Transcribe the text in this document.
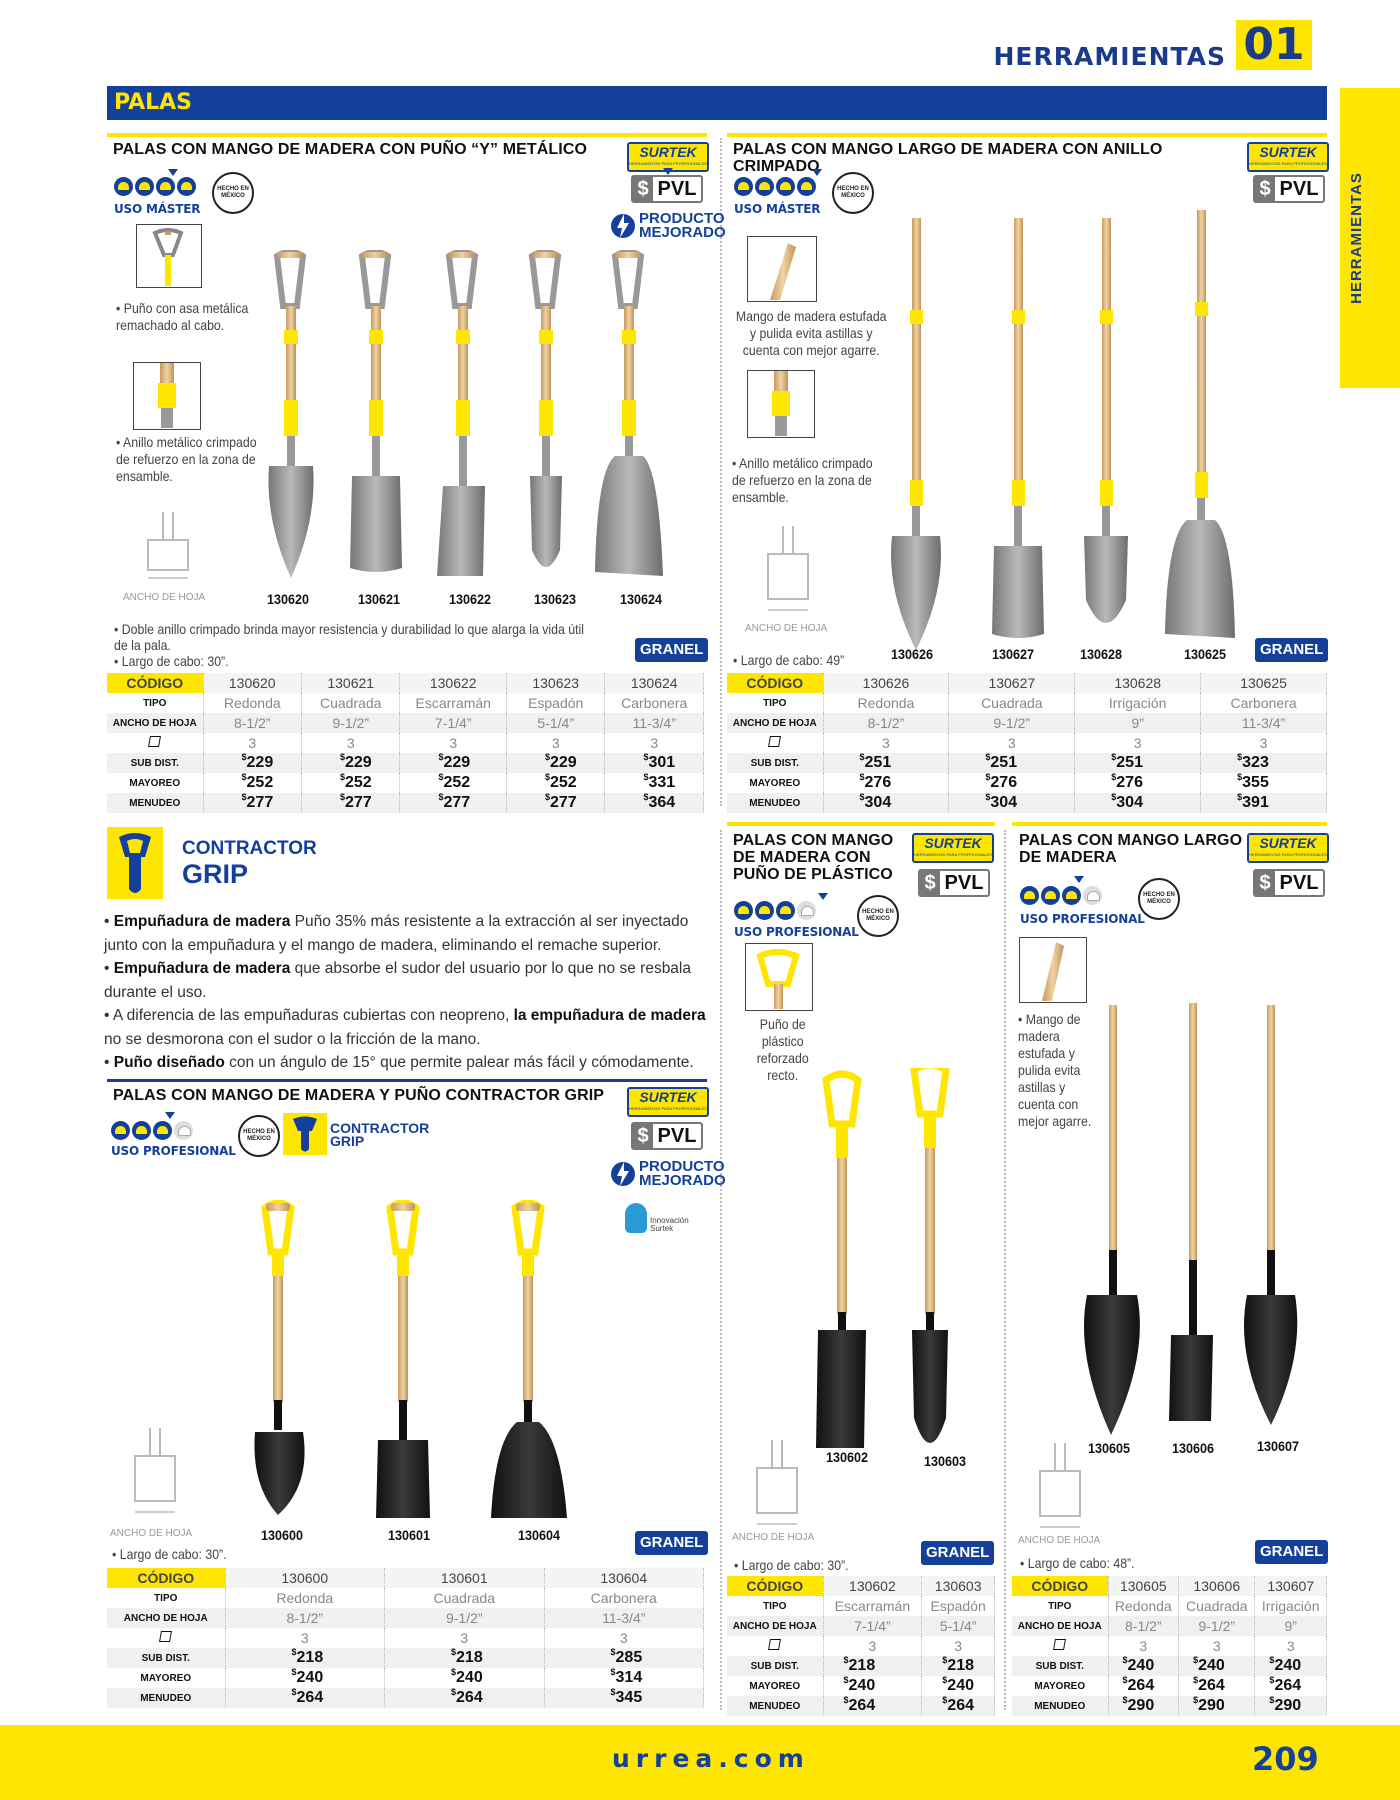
HERRAMIENTAS 01
HERRAMIENTAS
PALAS
PALAS CON MANGO DE MADERA CON PUÑO “Y” METÁLICO	SURTEK
HERRAMIENTAS PARA PROFESIONALES
$ PVL
PRODUCTO
MEJORADO
HECHO EN MÉXICO
USO MÁSTER
• Puño con asa metálica remachado al cabo.
• Anillo metálico crimpado de refuerzo en la zona de ensamble.
ANCHO DE HOJA	130620	130621	130622	130623	130624
• Doble anillo crimpado brinda mayor resistencia y durabilidad lo que alarga la vida útil de la pala.
• Largo de cabo: 30”.
GRANEL
CÓDIGO	130620	130621	130622	130623	130624
TIPO	Redonda	Cuadrada	Escarramán	Espadón	Carbonera
ANCHO DE HOJA	8-1/2”	9-1/2”	7-1/4”	5-1/4”	11-3/4”
	3	3	3	3	3
SUB DIST.	$229	$229	$229	$229	$301
MAYOREO	$252	$252	$252	$252	$331
MENUDEO	$277	$277	$277	$277	$364
PALAS CON MANGO LARGO DE MADERA CON ANILLO CRIMPADO
SURTEK
HERRAMIENTAS PARA PROFESIONALES
$ PVL
HECHO EN MÉXICO
USO MÁSTER
Mango de madera estufada y pulida evita astillas y cuenta con mejor agarre.
• Anillo metálico crimpado de refuerzo en la zona de ensamble.
ANCHO DE HOJA
130626	130627	130628	130625
• Largo de cabo: 49”
GRANEL
CÓDIGO	130626	130627	130628	130625
TIPO	Redonda	Cuadrada	Irrigación	Carbonera
ANCHO DE HOJA	8-1/2”	9-1/2”	9”	11-3/4”
	3	3	3	3
SUB DIST.	$251	$251	$251	$323
MAYOREO	$276	$276	$276	$355
MENUDEO	$304	$304	$304	$391
CONTRACTOR
GRIP
• Empuñadura de madera Puño 35% más resistente a la extracción al ser inyectado junto con la empuñadura y el mango de madera, eliminando el remache superior.
• Empuñadura de madera que absorbe el sudor del usuario por lo que no se resbala durante el uso.
• A diferencia de las empuñaduras cubiertas con neopreno, la empuñadura de madera no se desmorona con el sudor o la fricción de la mano.
• Puño diseñado con un ángulo de 15° que permite palear más fácil y cómodamente.
PALAS CON MANGO DE MADERA Y PUÑO CONTRACTOR GRIP	SURTEK
HERRAMIENTAS PARA PROFESIONALES
$ PVL
PRODUCTO
MEJORADO
Innovación
Surtek
HECHO EN MÉXICO
USO PROFESIONAL
CONTRACTOR
GRIP
ANCHO DE HOJA	130600	130601	130604
• Largo de cabo: 30”.
GRANEL
CÓDIGO	130600	130601	130604
TIPO	Redonda	Cuadrada	Carbonera
ANCHO DE HOJA	8-1/2”	9-1/2”	11-3/4”
	3	3	3
SUB DIST.	$218	$218	$285
MAYOREO	$240	$240	$314
MENUDEO	$264	$264	$345
PALAS CON MANGO DE MADERA CON PUÑO DE PLÁSTICO
SURTEK
HERRAMIENTAS PARA PROFESIONALES
$ PVL
HECHO EN MÉXICO
USO PROFESIONAL
Puño de plástico reforzado recto.
ANCHO DE HOJA
130602	130603
GRANEL
• Largo de cabo: 30”.
CÓDIGO	130602	130603
TIPO	Escarramán	Espadón
ANCHO DE HOJA	7-1/4”	5-1/4”
	3	3
SUB DIST.	$218	$218
MAYOREO	$240	$240
MENUDEO	$264	$264
PALAS CON MANGO LARGO DE MADERA
SURTEK
HERRAMIENTAS PARA PROFESIONALES
$ PVL
HECHO EN MÉXICO
USO PROFESIONAL
• Mango de madera estufada y pulida evita astillas y cuenta con mejor agarre.
ANCHO DE HOJA
130605	130606	130607
GRANEL
• Largo de cabo: 48”.
CÓDIGO	130605	130606	130607
TIPO	Redonda	Cuadrada	Irrigación
ANCHO DE HOJA	8-1/2”	9-1/2”	9”
	3	3	3
SUB DIST.	$240	$240	$240
MAYOREO	$264	$264	$264
MENUDEO	$290	$290	$290
urrea.com	209
